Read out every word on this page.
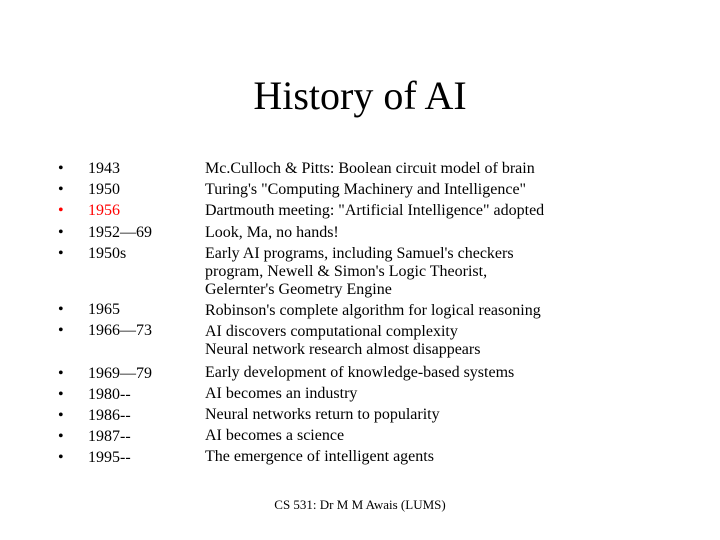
History of AI
• 1943	Mc.Culloch & Pitts: Boolean circuit model of brain
• 1950	Turing's "Computing Machinery and Intelligence"
• 1956	Dartmouth meeting: "Artificial Intelligence" adopted
• 1952—69	Look, Ma, no hands!
• 1950s	Early AI programs, including Samuel's checkers
program, Newell & Simon's Logic Theorist,
Gelernter's Geometry Engine
• 1965	Robinson's complete algorithm for logical reasoning
• 1966—73	AI discovers computational complexity
Neural network research almost disappears
• 1969—79	Early development of knowledge-based systems
• 1980--	AI becomes an industry
• 1986--	Neural networks return to popularity
• 1987--	AI becomes a science
• 1995--	The emergence of intelligent agents
CS 531: Dr M M Awais (LUMS)
